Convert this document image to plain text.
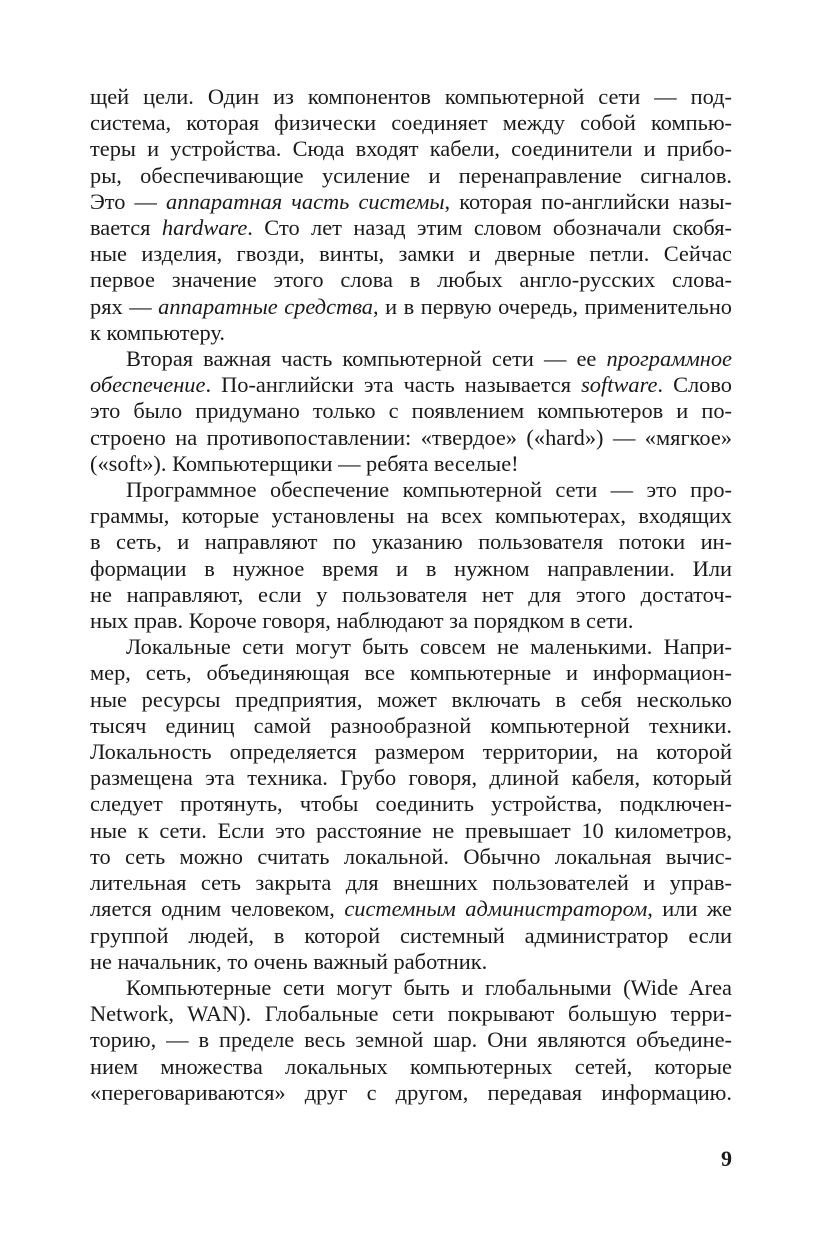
щей цели. Один из компонентов компьютерной сети — под-
система, которая физически соединяет между собой компью-
теры и устройства. Сюда входят кабели, соединители и прибо-
ры, обеспечивающие усиление и перенаправление сигналов.
Это — аппаратная часть системы, которая по-английски назы-
вается hardware. Сто лет назад этим словом обозначали скобя-
ные изделия, гвозди, винты, замки и дверные петли. Сейчас
первое значение этого слова в любых англо-русских слова-
рях — аппаратные средства, и в первую очередь, применительно
к компьютеру.
Вторая важная часть компьютерной сети — ее программное
обеспечение. По-английски эта часть называется software. Слово
это было придумано только с появлением компьютеров и по-
строено на противопоставлении: «твердое» («hard») — «мягкое»
(«soft»). Компьютерщики — ребята веселые!
Программное обеспечение компьютерной сети — это про-
граммы, которые установлены на всех компьютерах, входящих
в сеть, и направляют по указанию пользователя потоки ин-
формации в нужное время и в нужном направлении. Или
не направляют, если у пользователя нет для этого достаточ-
ных прав. Короче говоря, наблюдают за порядком в сети.
Локальные сети могут быть совсем не маленькими. Напри-
мер, сеть, объединяющая все компьютерные и информацион-
ные ресурсы предприятия, может включать в себя несколько
тысяч единиц самой разнообразной компьютерной техники.
Локальность определяется размером территории, на которой
размещена эта техника. Грубо говоря, длиной кабеля, который
следует протянуть, чтобы соединить устройства, подключен-
ные к сети. Если это расстояние не превышает 10 километров,
то сеть можно считать локальной. Обычно локальная вычис-
лительная сеть закрыта для внешних пользователей и управ-
ляется одним человеком, системным администратором, или же
группой людей, в которой системный администратор если
не начальник, то очень важный работник.
Компьютерные сети могут быть и глобальными (Wide Area
Network, WAN). Глобальные сети покрывают большую терри-
торию, — в пределе весь земной шар. Они являются объедине-
нием множества локальных компьютерных сетей, которые
«переговариваются» друг с другом, передавая информацию.
9
